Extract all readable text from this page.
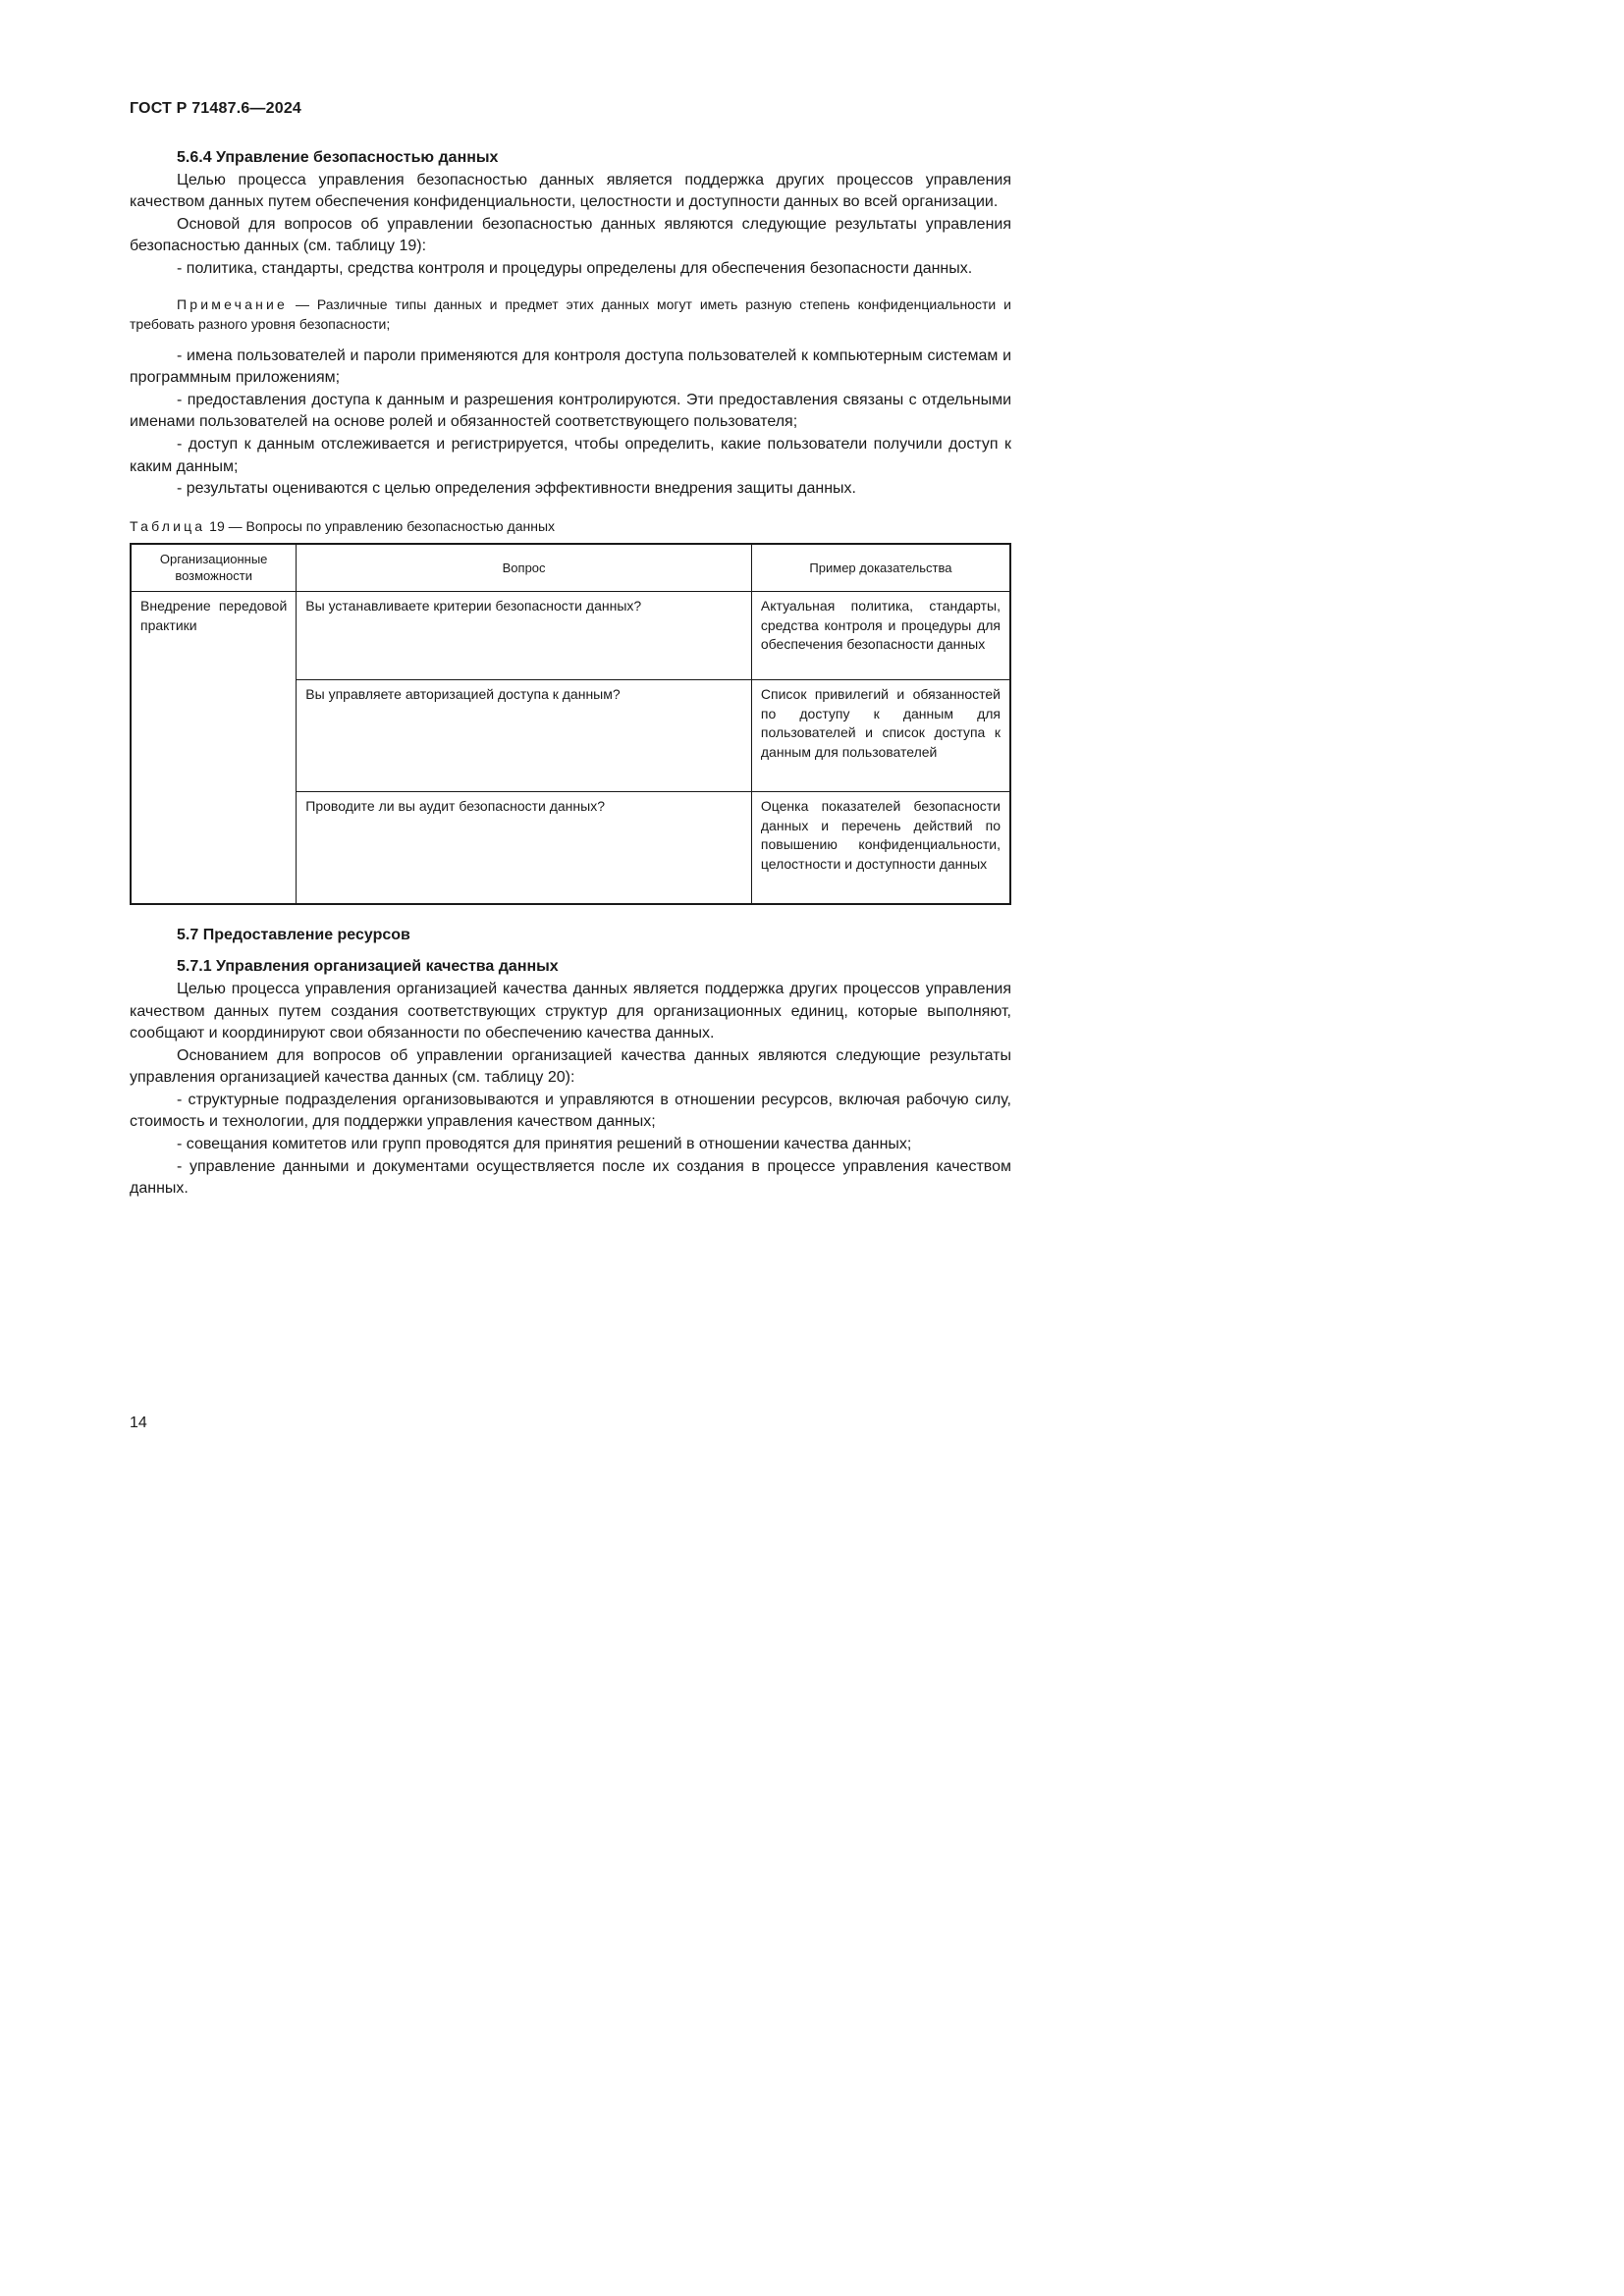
ГОСТ Р 71487.6—2024
5.6.4 Управление безопасностью данных

Целью процесса управления безопасностью данных является поддержка других процессов управления качеством данных путем обеспечения конфиденциальности, целостности и доступности данных во всей организации.

Основой для вопросов об управлении безопасностью данных являются следующие результаты управления безопасностью данных (см. таблицу 19):

- политика, стандарты, средства контроля и процедуры определены для обеспечения безопасности данных.

Примечание — Различные типы данных и предмет этих данных могут иметь разную степень конфиденциальности и требовать разного уровня безопасности;

- имена пользователей и пароли применяются для контроля доступа пользователей к компьютерным системам и программным приложениям;

- предоставления доступа к данным и разрешения контролируются. Эти предоставления связаны с отдельными именами пользователей на основе ролей и обязанностей соответствующего пользователя;

- доступ к данным отслеживается и регистрируется, чтобы определить, какие пользователи получили доступ к каким данным;

- результаты оцениваются с целью определения эффективности внедрения защиты данных.

Таблица 19 — Вопросы по управлению безопасностью данных

Организационные возможности	Вопрос	Пример доказательства
Внедрение передовой практики	Вы устанавливаете критерии безопасности данных?	Актуальная политика, стандарты, средства контроля и процедуры для обеспечения безопасности данных
	Вы управляете авторизацией доступа к данным?	Список привилегий и обязанностей по доступу к данным для пользователей и список доступа к данным для пользователей
	Проводите ли вы аудит безопасности данных?	Оценка показателей безопасности данных и перечень действий по повышению конфиденциальности, целостности и доступности данных
5.7 Предоставление ресурсов
5.7.1 Управления организацией качества данных

Целью процесса управления организацией качества данных является поддержка других процессов управления качеством данных путем создания соответствующих структур для организационных единиц, которые выполняют, сообщают и координируют свои обязанности по обеспечению качества данных.

Основанием для вопросов об управлении организацией качества данных являются следующие результаты управления организацией качества данных (см. таблицу 20):

- структурные подразделения организовываются и управляются в отношении ресурсов, включая рабочую силу, стоимость и технологии, для поддержки управления качеством данных;

- совещания комитетов или групп проводятся для принятия решений в отношении качества данных;

- управление данными и документами осуществляется после их создания в процессе управления качеством данных.

14
